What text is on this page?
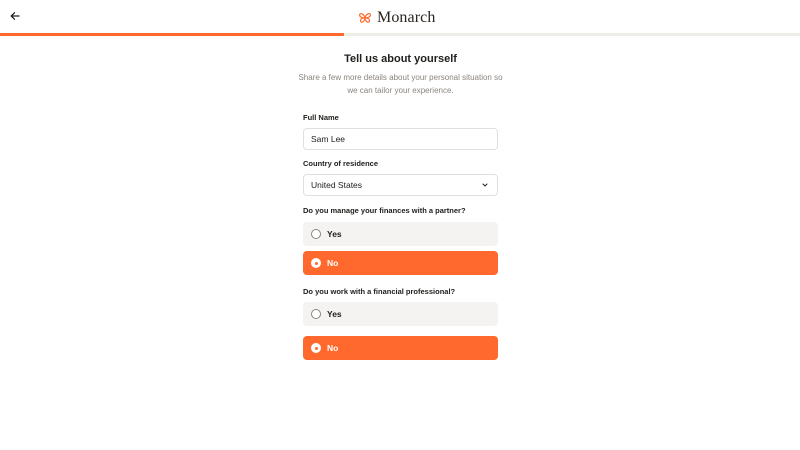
Monarch
Tell us about yourself

Share a few more details about your personal situation so we can tailor your experience.

Full Name
Sam Lee
Country of residence
United States
Do you manage your finances with a partner?
Yes
No
Do you work with a financial professional?
Yes
No
